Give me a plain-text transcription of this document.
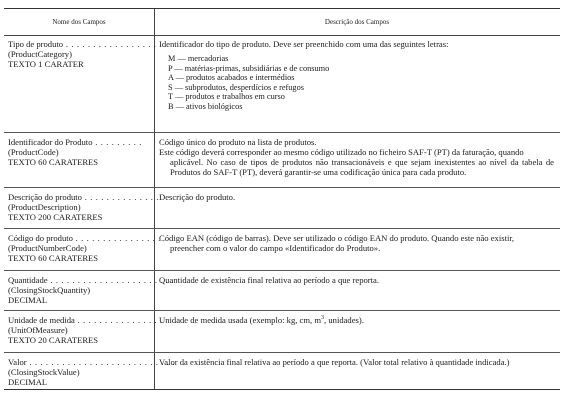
Nome dos Campos	Descrição dos Campos
Tipo de produto . . . . . . . . . . . . . . . . .
(ProductCategory)
TEXTO 1 CARATER
Identificador do tipo de produto. Deve ser preenchido com uma das seguintes letras:
M — mercadorias
P — matérias-primas, subsidiárias e de consumo
A — produtos acabados e intermédios
S — subprodutos, desperdícios e refugos
T — produtos e trabalhos em curso
B — ativos biológicos
Identificador do Produto . . . . . . . . .
(ProductCode)
TEXTO 60 CARATERES
Código único do produto na lista de produtos.
Este código deverá corresponder ao mesmo código utilizado no ficheiro SAF-T (PT) da faturação, quando
aplicável. No caso de tipos de produtos não transacionáveis e que sejam inexistentes ao nível da tabela de Produtos do SAF-T (PT), deverá garantir-se uma codificação única para cada produto.
Descrição do produto . . . . . . . . . . . . . .
(ProductDescription)
TEXTO 200 CARATERES
Descrição do produto.
Código do produto . . . . . . . . . . . . . . . .
(ProductNumberCode)
TEXTO 60 CARATERES
Código EAN (código de barras). Deve ser utilizado o código EAN do produto. Quando este não existir,
preencher com o valor do campo «Identificador do Produto».
Quantidade . . . . . . . . . . . . . . . . . . . . . . .
(ClosingStockQuantity)
DECIMAL
Quantidade de existência final relativa ao período a que reporta.
Unidade de medida . . . . . . . . . . . . . . . .
(UnitOfMeasure)
TEXTO 20 CARATERES
Unidade de medida usada (exemplo: kg, cm, $m^3$, unidades).
Valor . . . . . . . . . . . . . . . . . . . . . . . . . . .
(ClosingStockValue)
DECIMAL
Valor da existência final relativa ao período a que reporta. (Valor total relativo à quantidade indicada.)
